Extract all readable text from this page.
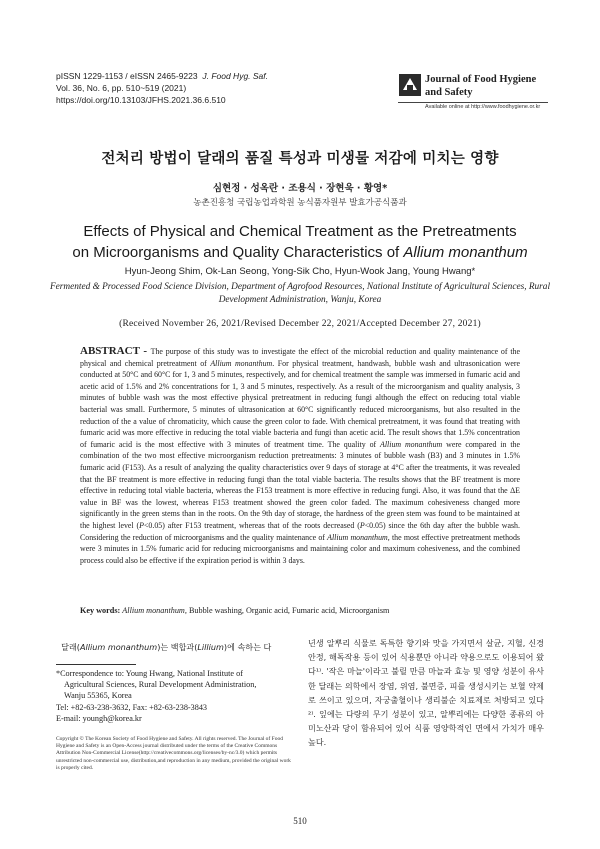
pISSN 1229-1153 / eISSN 2465-9223 J. Food Hyg. Saf.
Vol. 36, No. 6, pp. 510~519 (2021)
https://doi.org/10.13103/JFHS.2021.36.6.510
Journal of Food Hygiene
and Safety
Available online at http://www.foodhygiene.or.kr
전처리 방법이 달래의 품질 특성과 미생물 저감에 미치는 영향
심현정 · 성옥란 · 조용식 · 장현욱 · 황영*
농촌진흥청 국립농업과학원 농식품자원부 발효가공식품과
Effects of Physical and Chemical Treatment as the Pretreatments
on Microorganisms and Quality Characteristics of Allium monanthum
Hyun-Jeong Shim, Ok-Lan Seong, Yong-Sik Cho, Hyun-Wook Jang, Young Hwang*
Fermented & Processed Food Science Division, Department of Agrofood Resources, National Institute of Agricultural Sciences, Rural Development Administration, Wanju, Korea
(Received November 26, 2021/Revised December 22, 2021/Accepted December 27, 2021)
ABSTRACT - The purpose of this study was to investigate the effect of the microbial reduction and quality maintenance of the physical and chemical pretreatment of Allium monanthum. For physical treatment, handwash, bubble wash and ultrasonication were conducted at 50°C and 60°C for 1, 3 and 5 minutes, respectively, and for chemical treatment the sample was immersed in fumaric acid and acetic acid of 1.5% and 2% concentrations for 1, 3 and 5 minutes, respectively. As a result of the microorganism and quality analysis, 3 minutes of bubble wash was the most effective physical pretreatment in reducing fungi although the effect on reducing total viable bacterial was small. Furthermore, 5 minutes of ultrasonication at 60°C significantly reduced microorganisms, but also resulted in the reduction of the a value of chromaticity, which cause the green color to fade. With chemical pretreatment, it was found that treating with fumaric acid was more effective in reducing the total viable bacteria and fungi than acetic acid. The result shows that 1.5% concentration of fumaric acid is the most effective with 3 minutes of treatment time. The quality of Allium monanthum were compared in the combination of the two most effective microorganism reduction pretreatments: 3 minutes of bubble wash (B3) and 3 minutes in 1.5% fumaric acid (F153). As a result of analyzing the quality characteristics over 9 days of storage at 4°C after the treatments, it was revealed that the BF treatment is more effective in reducing fungi than the total viable bacteria. The results shows that the BF treatment is more effective in reducing total viable bacteria, whereas the F153 treatment is more effective in reducing fungi. Also, it was found that the ΔE value in BF was the lowest, whereas F153 treatment showed the green color faded. The maximum cohesiveness changed more significantly in the green stems than in the roots. On the 9th day of storage, the hardness of the green stem was found to be maintained at the highest level (P<0.05) after F153 treatment, whereas that of the roots decreased (P<0.05) since the 6th day after the bubble wash. Considering the reduction of microorganisms and the quality maintenance of Allium monanthum, the most effective pretreatment methods were 3 minutes in 1.5% fumaric acid for reducing microorganisms and maintaining color and maximum cohesiveness, and the combined process could also be effective if the expiration period is within 3 days.
Key words: Allium monanthum, Bubble washing, Organic acid, Fumaric acid, Microorganism
달래(Allium monanthum)는 백합과(Lillium)에 속하는 다
*Correspondence to: Young Hwang, National Institute of
Agricultural Sciences, Rural Development Administration,
Wanju 55365, Korea
Tel: +82-63-238-3632, Fax: +82-63-238-3843
E-mail: youngh@korea.kr
Copyright © The Korean Society of Food Hygiene and Safety. All rights reserved. The Journal of Food Hygiene and Safety is an Open-Access journal distributed under the terms of the Creative Commons Attribution Non-Commercial License(http://creativecommons.org/licenses/by-nc/3.0) which permits unrestricted non-commercial use, distribution,and reproduction in any medium, provided the original work is properly cited.
년생 알뿌리 식물로 독특한 향기와 맛을 가지면서 살균, 지혈, 신경안정, 해독작용 등이 있어 식용뿐만 아니라 약용으로도 이용되어 왔다¹⁾. '작은 마늘'이라고 불릴 만큼 마늘과 효능 및 영양 성분이 유사한 달래는 의학에서 장염, 위염, 불면증, 피를 생성시키는 보혈 약제로 쓰이고 있으며, 자궁출혈이나 생리불순 치료제로 처방되고 있다²⁾. 잎에는 다량의 무기 성분이 있고, 알뿌리에는 다양한 종류의 아미노산과 당이 함유되어 있어 식품 영양학적인 면에서 가치가 매우 높다.
510
